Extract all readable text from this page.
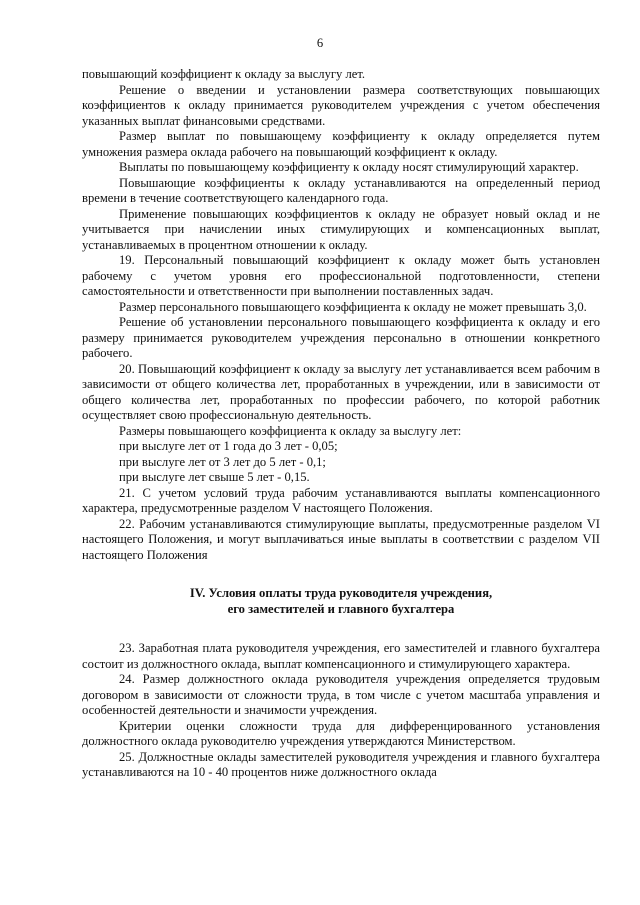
6

повышающий коэффициент к окладу за выслугу лет.

Решение о введении и установлении размера соответствующих повышающих коэффициентов к окладу принимается руководителем учреждения с учетом обеспечения указанных выплат финансовыми средствами.

Размер выплат по повышающему коэффициенту к окладу определяется путем умножения размера оклада рабочего на повышающий коэффициент к окладу.

Выплаты по повышающему коэффициенту к окладу носят стимулирующий характер.

Повышающие коэффициенты к окладу устанавливаются на определенный период времени в течение соответствующего календарного года.

Применение повышающих коэффициентов к окладу не образует новый оклад и не учитывается при начислении иных стимулирующих и компенсационных выплат, устанавливаемых в процентном отношении к окладу.

19. Персональный повышающий коэффициент к окладу может быть установлен рабочему с учетом уровня его профессиональной подготовленности, степени самостоятельности и ответственности при выполнении поставленных задач.

Размер персонального повышающего коэффициента к окладу не может превышать 3,0.

Решение об установлении персонального повышающего коэффициента к окладу и его размеру принимается руководителем учреждения персонально в отношении конкретного рабочего.

20. Повышающий коэффициент к окладу за выслугу лет устанавливается всем рабочим в зависимости от общего количества лет, проработанных в учреждении, или в зависимости от общего количества лет, проработанных по профессии рабочего, по которой работник осуществляет свою профессиональную деятельность.

Размеры повышающего коэффициента к окладу за выслугу лет:

при выслуге лет от 1 года до 3 лет - 0,05;

при выслуге лет от 3 лет до 5 лет - 0,1;

при выслуге лет свыше 5 лет - 0,15.

21. С учетом условий труда рабочим устанавливаются выплаты компенсационного характера, предусмотренные разделом V настоящего Положения.

22. Рабочим устанавливаются стимулирующие выплаты, предусмотренные разделом VI настоящего Положения, и могут выплачиваться иные выплаты в соответствии с разделом VII настоящего Положения

IV. Условия оплаты труда руководителя учреждения,
его заместителей и главного бухгалтера

23. Заработная плата руководителя учреждения, его заместителей и главного бухгалтера состоит из должностного оклада, выплат компенсационного и стимулирующего характера.

24. Размер должностного оклада руководителя учреждения определяется трудовым договором в зависимости от сложности труда, в том числе с учетом масштаба управления и особенностей деятельности и значимости учреждения.

Критерии оценки сложности труда для дифференцированного установления должностного оклада руководителю учреждения утверждаются Министерством.

25. Должностные оклады заместителей руководителя учреждения и главного бухгалтера устанавливаются на 10 - 40 процентов ниже должностного оклада
